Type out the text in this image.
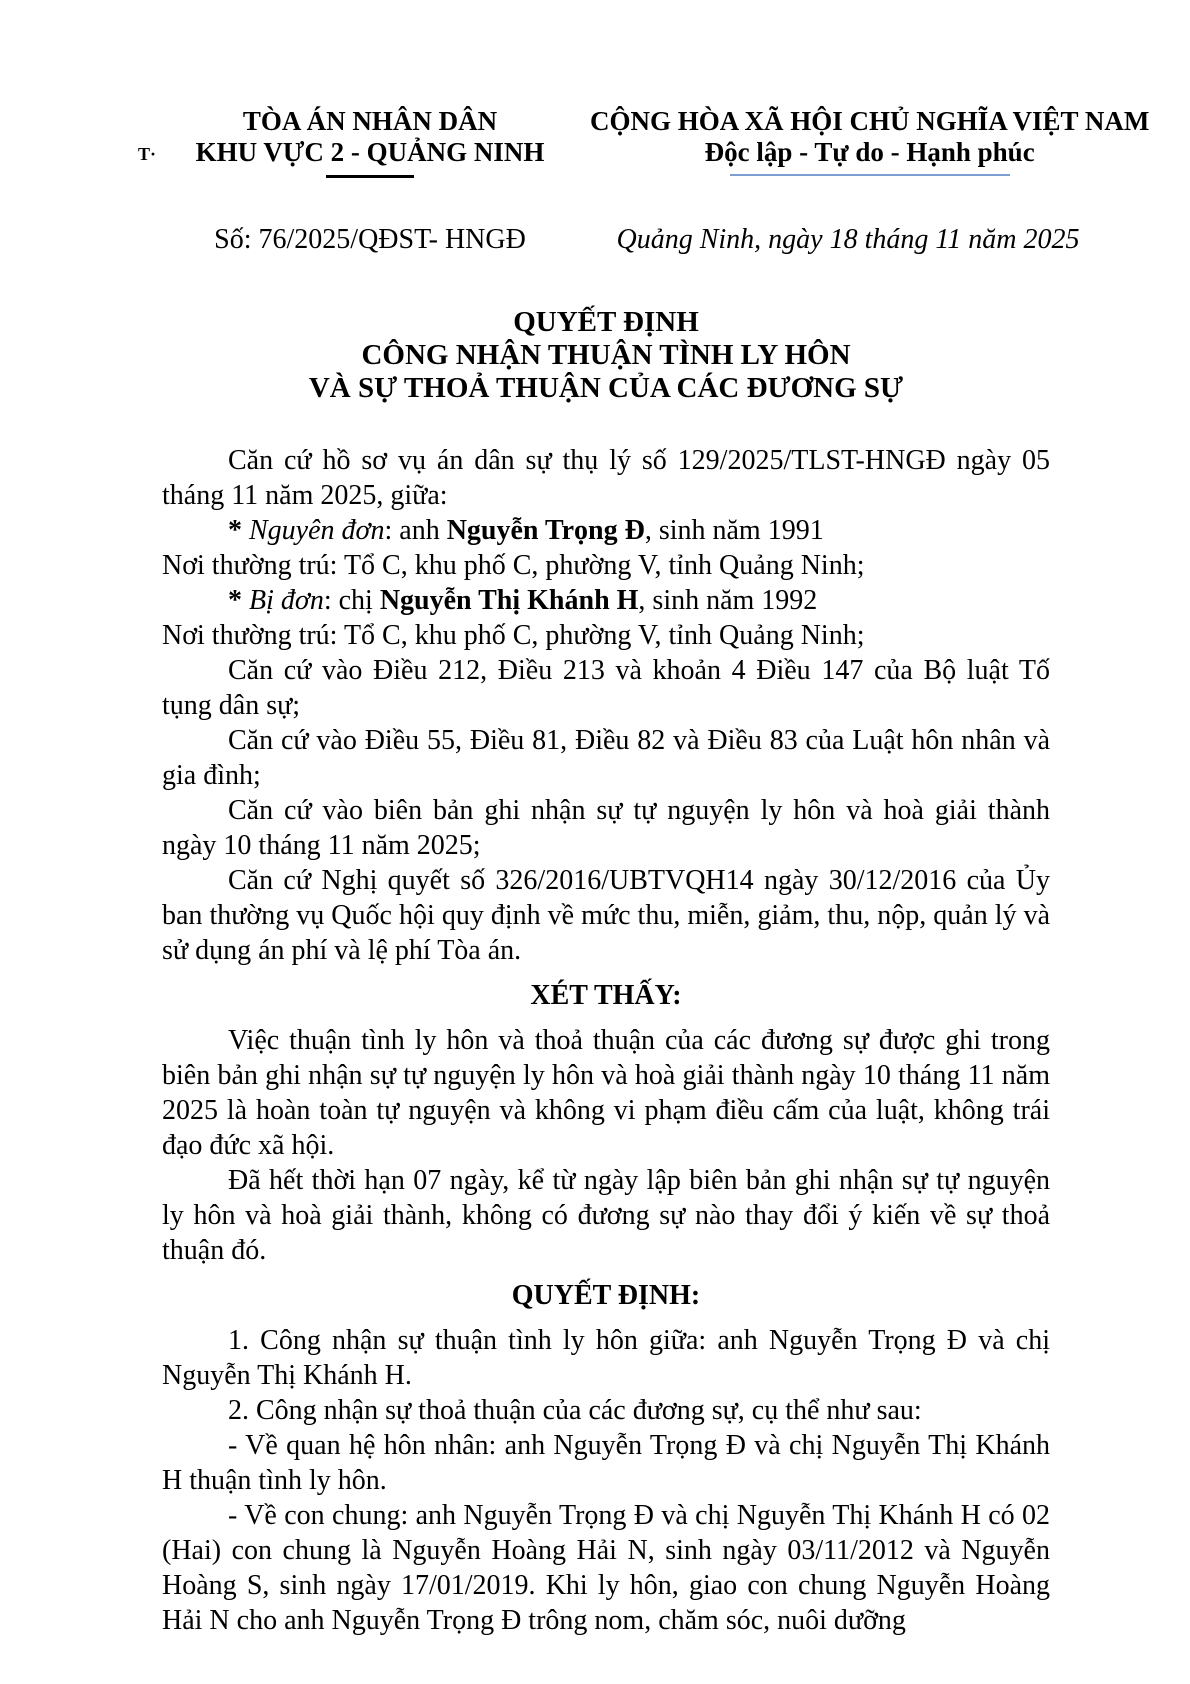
T·
TÒA ÁN NHÂN DÂN
KHU VỰC 2 - QUẢNG NINH
CỘNG HÒA XÃ HỘI CHỦ NGHĨA VIỆT NAM
Độc lập - Tự do - Hạnh phúc
Số: 76/2025/QĐST- HNGĐ	Quảng Ninh, ngày 18 tháng 11 năm 2025
QUYẾT ĐỊNH
CÔNG NHẬN THUẬN TÌNH LY HÔN
VÀ SỰ THOẢ THUẬN CỦA CÁC ĐƯƠNG SỰ

Căn cứ hồ sơ vụ án dân sự thụ lý số 129/2025/TLST-HNGĐ ngày 05 tháng 11 năm 2025, giữa:

* Nguyên đơn: anh Nguyễn Trọng Đ, sinh năm 1991

Nơi thường trú: Tổ C, khu phố C, phường V, tỉnh Quảng Ninh;

* Bị đơn: chị Nguyễn Thị Khánh H, sinh năm 1992

Nơi thường trú: Tổ C, khu phố C, phường V, tỉnh Quảng Ninh;

Căn cứ vào Điều 212, Điều 213 và khoản 4 Điều 147 của Bộ luật Tố tụng dân sự;

Căn cứ vào Điều 55, Điều 81, Điều 82 và Điều 83 của Luật hôn nhân và gia đình;

Căn cứ vào biên bản ghi nhận sự tự nguyện ly hôn và hoà giải thành ngày 10 tháng 11 năm 2025;

Căn cứ Nghị quyết số 326/2016/UBTVQH14 ngày 30/12/2016 của Ủy ban thường vụ Quốc hội quy định về mức thu, miễn, giảm, thu, nộp, quản lý và sử dụng án phí và lệ phí Tòa án.

XÉT THẤY:

Việc thuận tình ly hôn và thoả thuận của các đương sự được ghi trong biên bản ghi nhận sự tự nguyện ly hôn và hoà giải thành ngày 10 tháng 11 năm 2025 là hoàn toàn tự nguyện và không vi phạm điều cấm của luật, không trái đạo đức xã hội.

Đã hết thời hạn 07 ngày, kể từ ngày lập biên bản ghi nhận sự tự nguyện ly hôn và hoà giải thành, không có đương sự nào thay đổi ý kiến về sự thoả thuận đó.

QUYẾT ĐỊNH:

1. Công nhận sự thuận tình ly hôn giữa: anh Nguyễn Trọng Đ và chị Nguyễn Thị Khánh H.

2. Công nhận sự thoả thuận của các đương sự, cụ thể như sau:

- Về quan hệ hôn nhân: anh Nguyễn Trọng Đ và chị Nguyễn Thị Khánh H thuận tình ly hôn.

- Về con chung: anh Nguyễn Trọng Đ và chị Nguyễn Thị Khánh H có 02 (Hai) con chung là Nguyễn Hoàng Hải N, sinh ngày 03/11/2012 và Nguyễn Hoàng S, sinh ngày 17/01/2019. Khi ly hôn, giao con chung Nguyễn Hoàng Hải N cho anh Nguyễn Trọng Đ trông nom, chăm sóc, nuôi dưỡng
